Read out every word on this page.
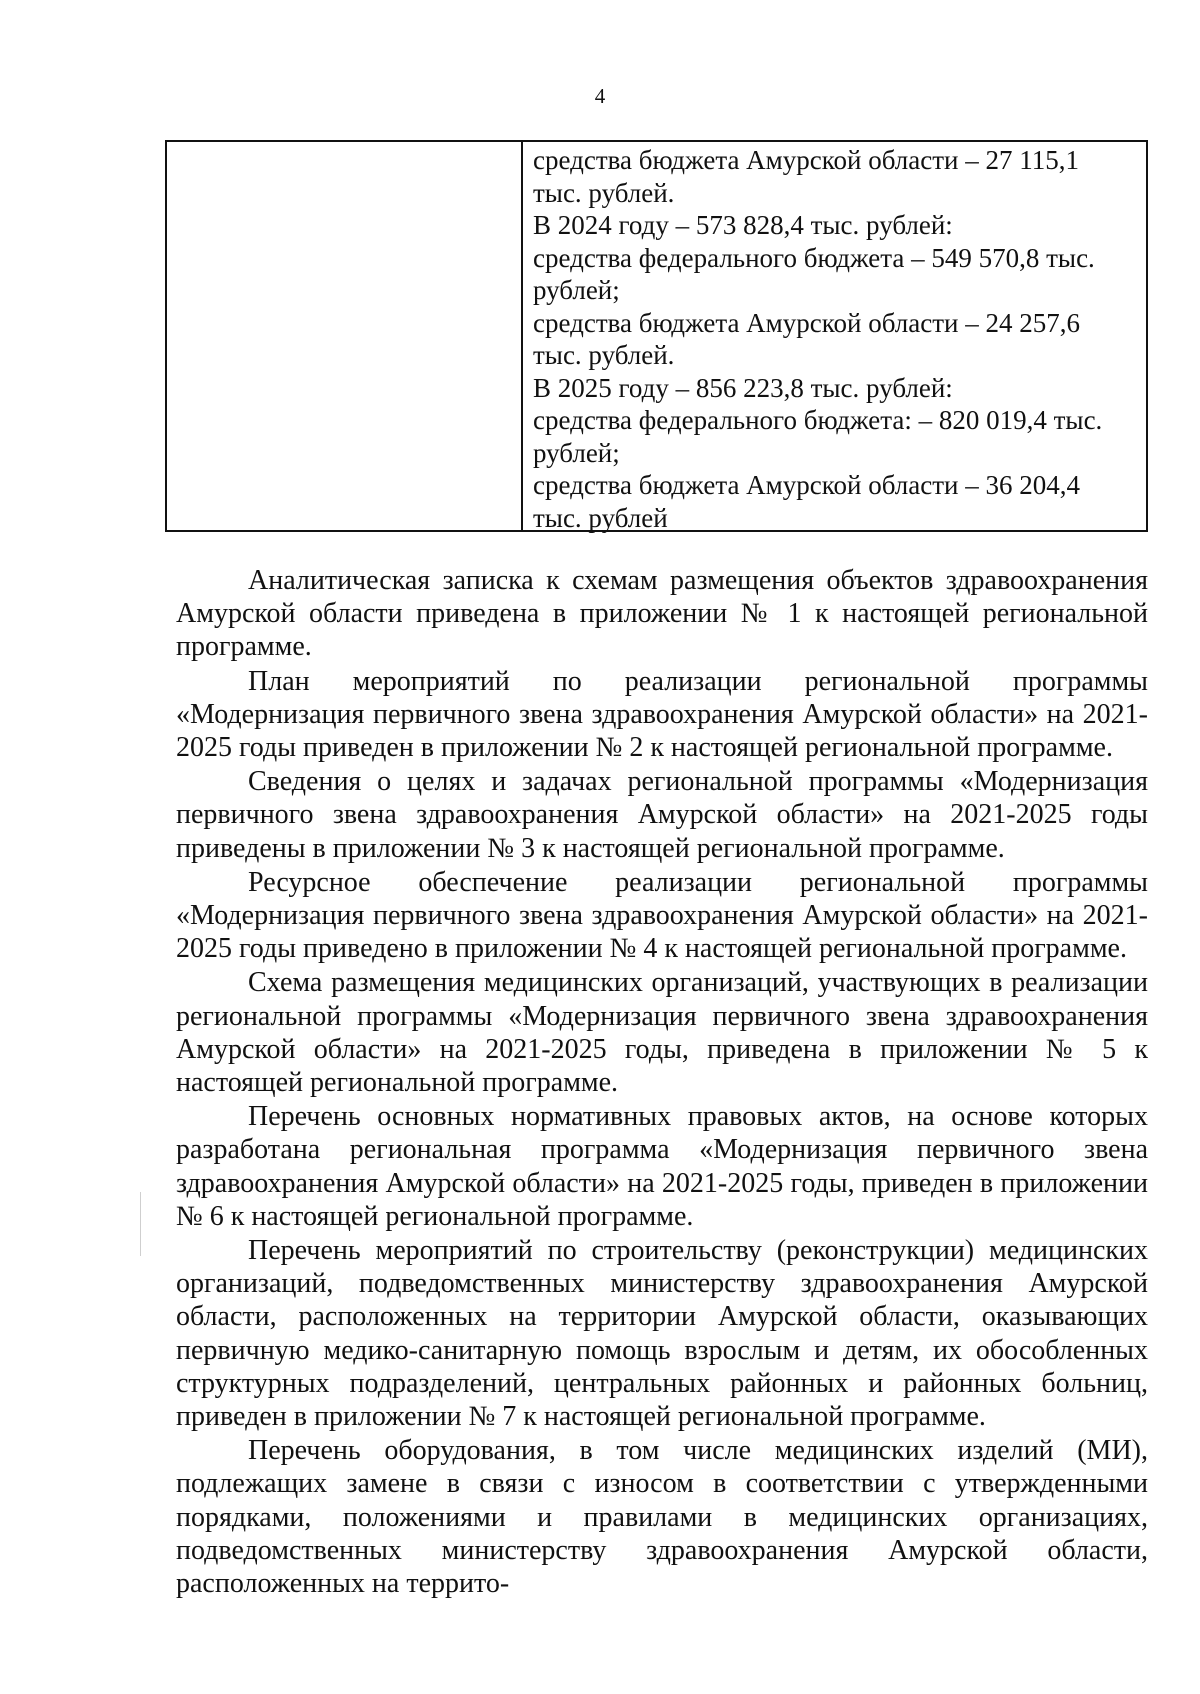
4
средства бюджета Амурской области – 27 115,1
тыс. рублей.
В 2024 году – 573 828,4 тыс. рублей:
средства федерального бюджета – 549 570,8 тыс.
рублей;
средства бюджета Амурской области – 24 257,6
тыс. рублей.
В 2025 году – 856 223,8 тыс. рублей:
средства федерального бюджета: – 820 019,4 тыс.
рублей;
средства бюджета Амурской области – 36 204,4
тыс. рублей

Аналитическая записка к схемам размещения объектов здравоохранения Амурской области приведена в приложении № 1 к настоящей региональной программе.

План мероприятий по реализации региональной программы «Модернизация первичного звена здравоохранения Амурской области» на 2021-2025 годы приведен в приложении № 2 к настоящей региональной программе.

Сведения о целях и задачах региональной программы «Модернизация первичного звена здравоохранения Амурской области» на 2021-2025 годы приведены в приложении № 3 к настоящей региональной программе.

Ресурсное обеспечение реализации региональной программы «Модернизация первичного звена здравоохранения Амурской области» на 2021-2025 годы приведено в приложении № 4 к настоящей региональной программе.

Схема размещения медицинских организаций, участвующих в реализации региональной программы «Модернизация первичного звена здравоохранения Амурской области» на 2021-2025 годы, приведена в приложении № 5 к настоящей региональной программе.

Перечень основных нормативных правовых актов, на основе которых разработана региональная программа «Модернизация первичного звена здравоохранения Амурской области» на 2021-2025 годы, приведен в приложении № 6 к настоящей региональной программе.

Перечень мероприятий по строительству (реконструкции) медицинских организаций, подведомственных министерству здравоохранения Амурской области, расположенных на территории Амурской области, оказывающих первичную медико-санитарную помощь взрослым и детям, их обособленных структурных подразделений, центральных районных и районных больниц, приведен в приложении № 7 к настоящей региональной программе.

Перечень оборудования, в том числе медицинских изделий (МИ), подлежащих замене в связи с износом в соответствии с утвержденными порядками, положениями и правилами в медицинских организациях, подведомственных министерству здравоохранения Амурской области, расположенных на террито-
